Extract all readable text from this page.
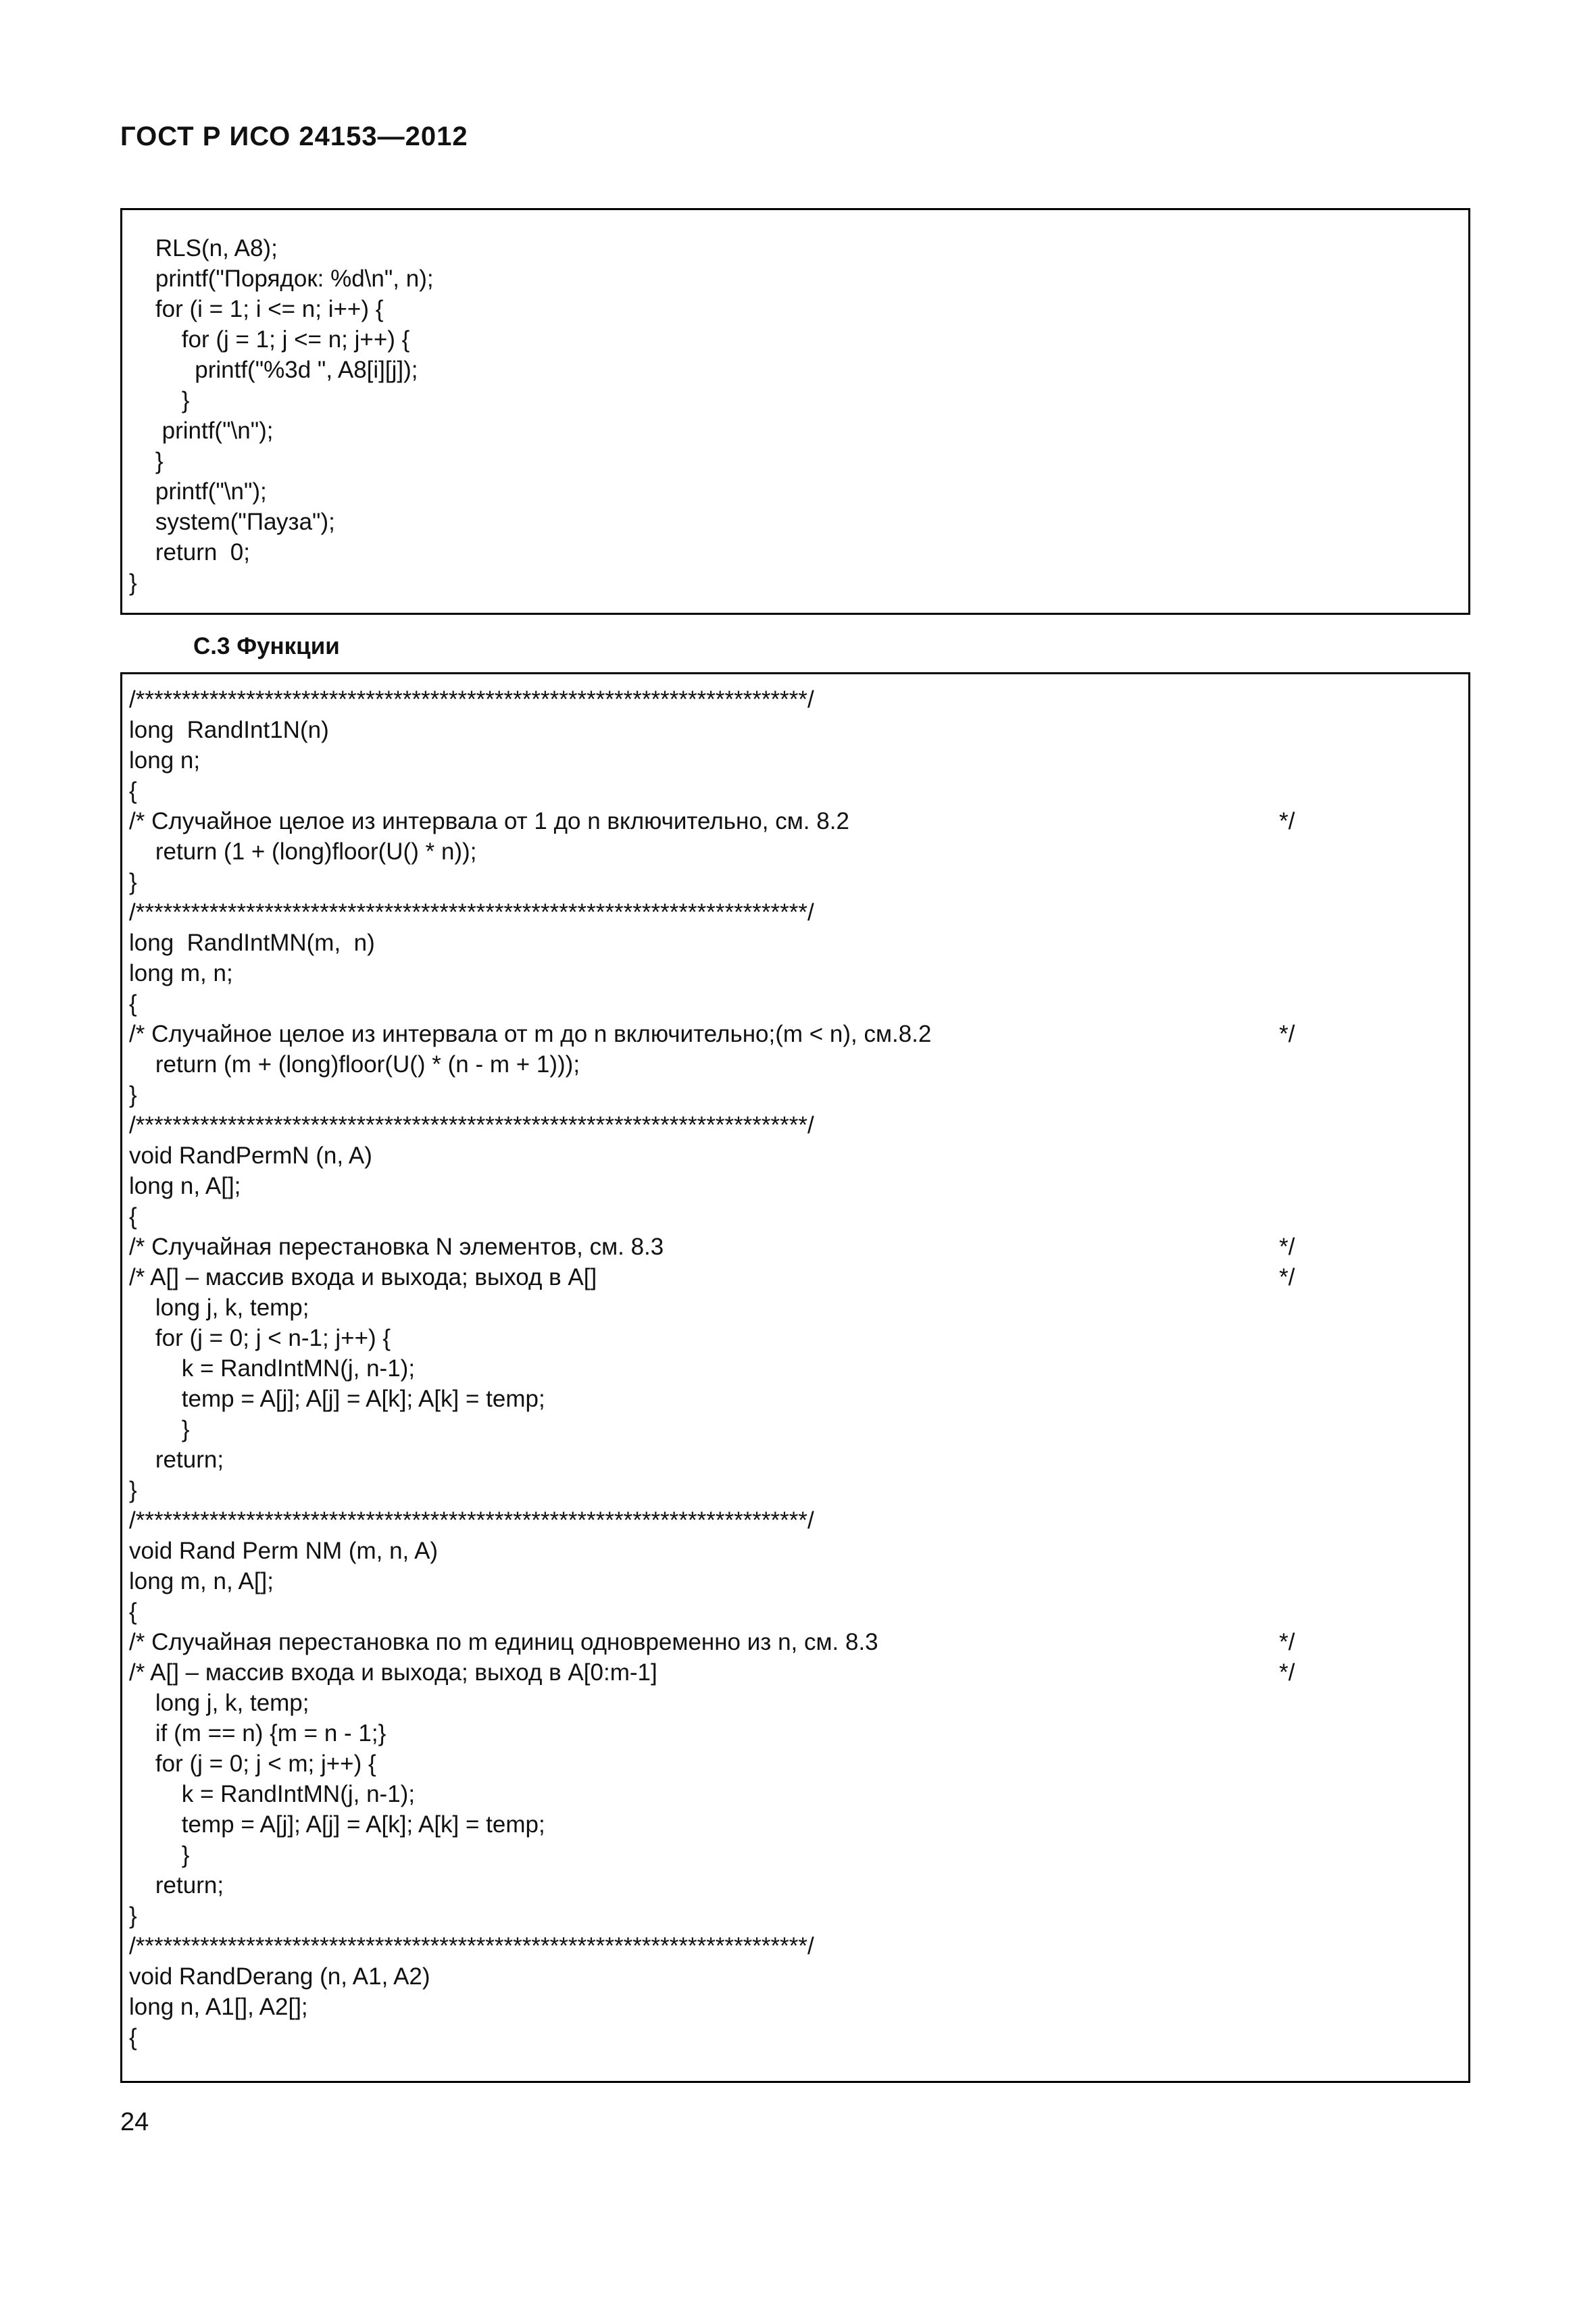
ГОСТ Р ИСО 24153—2012
RLS(n, A8);
printf("Порядок: %d\n", n);
for (i = 1; i <= n; i++) {
for (j = 1; j <= n; j++) {
printf("%3d ", A8[i][j]);
}
printf("\n");
}
printf("\n");
system("Пауза");
return  0;
}
С.3 Функции
/*************************************************************************/
long  RandInt1N(n)
long n;
{
/* Случайное целое из интервала от 1 до n включительно, см. 8.2	*/
return (1 + (long)floor(U() * n));
}
/*************************************************************************/
long  RandIntMN(m,  n)
long m, n;
{
/* Случайное целое из интервала от m до n включительно;(m < n), см.8.2	*/
return (m + (long)floor(U() * (n - m + 1)));
}
/*************************************************************************/
void RandPermN (n, A)
long n, A[];
{
/* Случайная перестановка N элементов, см. 8.3	*/
/* A[] – массив входа и выхода; выход в A[]	*/
long j, k, temp;
for (j = 0; j < n-1; j++) {
k = RandIntMN(j, n-1);
temp = A[j]; A[j] = A[k]; A[k] = temp;
}
return;
}
/*************************************************************************/
void Rand Perm NM (m, n, A)
long m, n, A[];
{
/* Случайная перестановка по m единиц одновременно из n, см. 8.3	*/
/* A[] – массив входа и выхода; выход в A[0:m-1]	*/
long j, k, temp;
if (m == n) {m = n - 1;}
for (j = 0; j < m; j++) {
k = RandIntMN(j, n-1);
temp = A[j]; A[j] = A[k]; A[k] = temp;
}
return;
}
/*************************************************************************/
void RandDerang (n, A1, A2)
long n, A1[], A2[];
{
24
